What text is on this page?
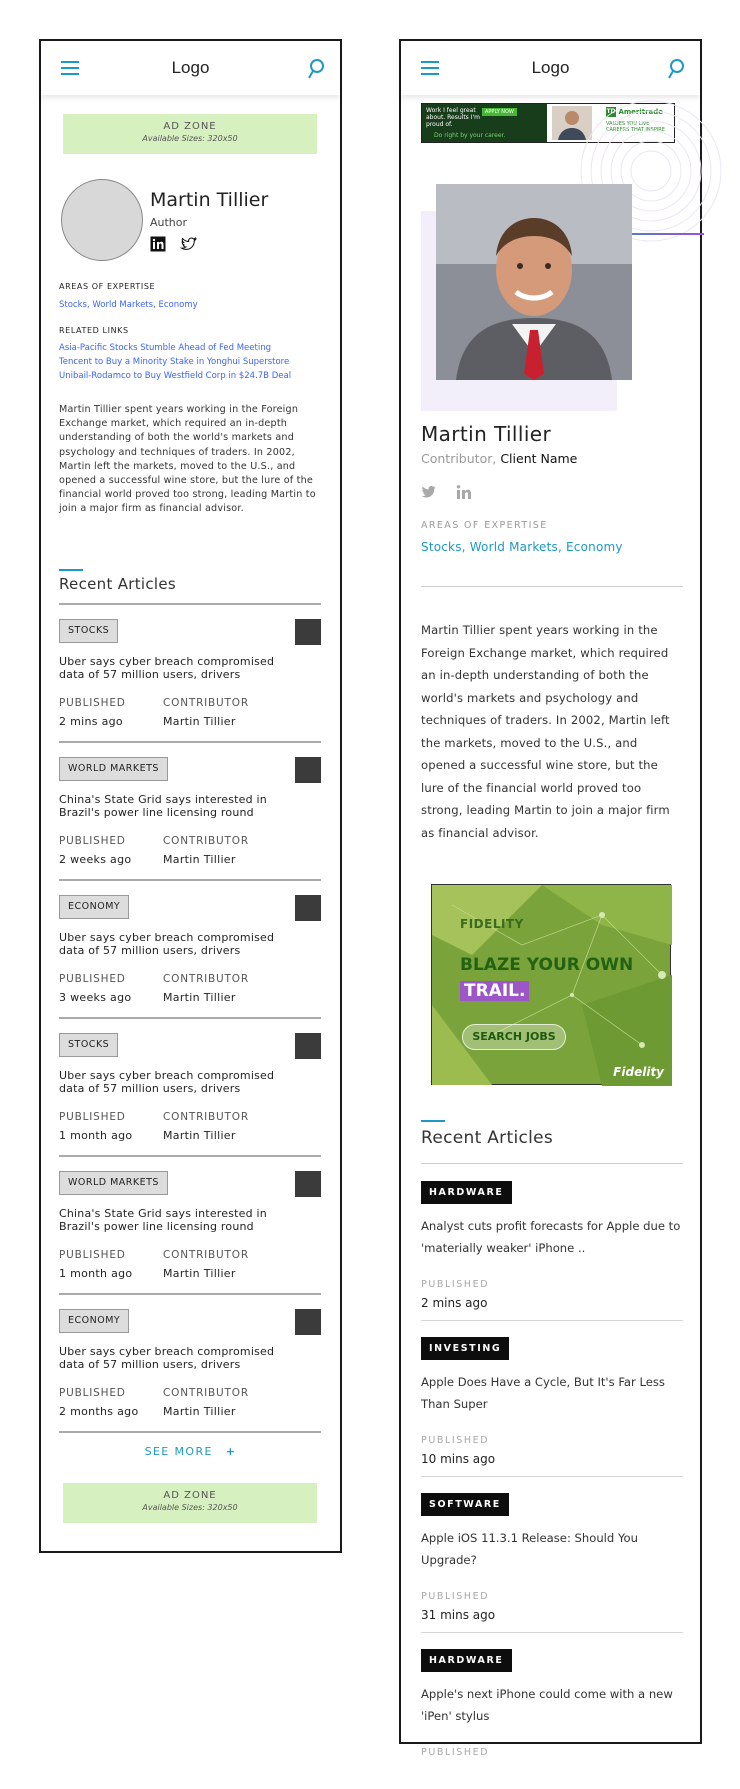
Logo
AD ZONE
Available Sizes: 320x50
Martin Tillier
Author

AREAS OF EXPERTISE
Stocks, World Markets, Economy
RELATED LINKS
Asia-Pacific Stocks Stumble Ahead of Fed Meeting
Tencent to Buy a Minority Stake in Yonghui Superstore
Unibail-Rodamco to Buy Westfield Corp in $24.7B Deal
Martin Tillier spent years working in the Foreign Exchange market, which required an in-depth understanding of both the world's markets and psychology and techniques of traders. In 2002, Martin left the markets, moved to the U.S., and opened a successful wine store, but the lure of the financial world proved too strong, leading Martin to join a major firm as financial advisor.
Recent Articles
STOCKS
Uber says cyber breach compromised data of 57 million users, drivers
PUBLISHED	CONTRIBUTOR
2 mins ago	Martin Tillier
WORLD MARKETS
China's State Grid says interested in Brazil's power line licensing round
PUBLISHED	CONTRIBUTOR
2 weeks ago	Martin Tillier
ECONOMY
Uber says cyber breach compromised data of 57 million users, drivers
PUBLISHED	CONTRIBUTOR
3 weeks ago	Martin Tillier
STOCKS
Uber says cyber breach compromised data of 57 million users, drivers
PUBLISHED	CONTRIBUTOR
1 month ago	Martin Tillier
WORLD MARKETS
China's State Grid says interested in Brazil's power line licensing round
PUBLISHED	CONTRIBUTOR
1 month ago	Martin Tillier
ECONOMY
Uber says cyber breach compromised data of 57 million users, drivers
PUBLISHED	CONTRIBUTOR
2 months ago Martin Tillier
SEE MORE +
AD ZONE
Available Sizes: 320x50
Logo
Work I feel great about. Results I'm proud of.
APPLY NOW
Do right by your career.
TD Ameritrade
VALUES YOU LIVE CAREERS THAT INSPIRE
Martin Tillier
Contributor, Client Name

AREAS OF EXPERTISE
Stocks, World Markets, Economy
Martin Tillier spent years working in the Foreign Exchange market, which required an in-depth understanding of both the world's markets and psychology and techniques of traders. In 2002, Martin left the markets, moved to the U.S., and opened a successful wine store, but the lure of the financial world proved too strong, leading Martin to join a major firm as financial advisor.
FIDELITY
BLAZE YOUR OWN
TRAIL.
SEARCH JOBS
Fidelity
Recent Articles
HARDWARE
Analyst cuts profit forecasts for Apple due to 'materially weaker' iPhone ..
PUBLISHED
2 mins ago
INVESTING
Apple Does Have a Cycle, But It's Far Less Than Super
PUBLISHED
10 mins ago
SOFTWARE
Apple iOS 11.3.1 Release: Should You Upgrade?
PUBLISHED
31 mins ago
HARDWARE
Apple's next iPhone could come with a new 'iPen' stylus
PUBLISHED
